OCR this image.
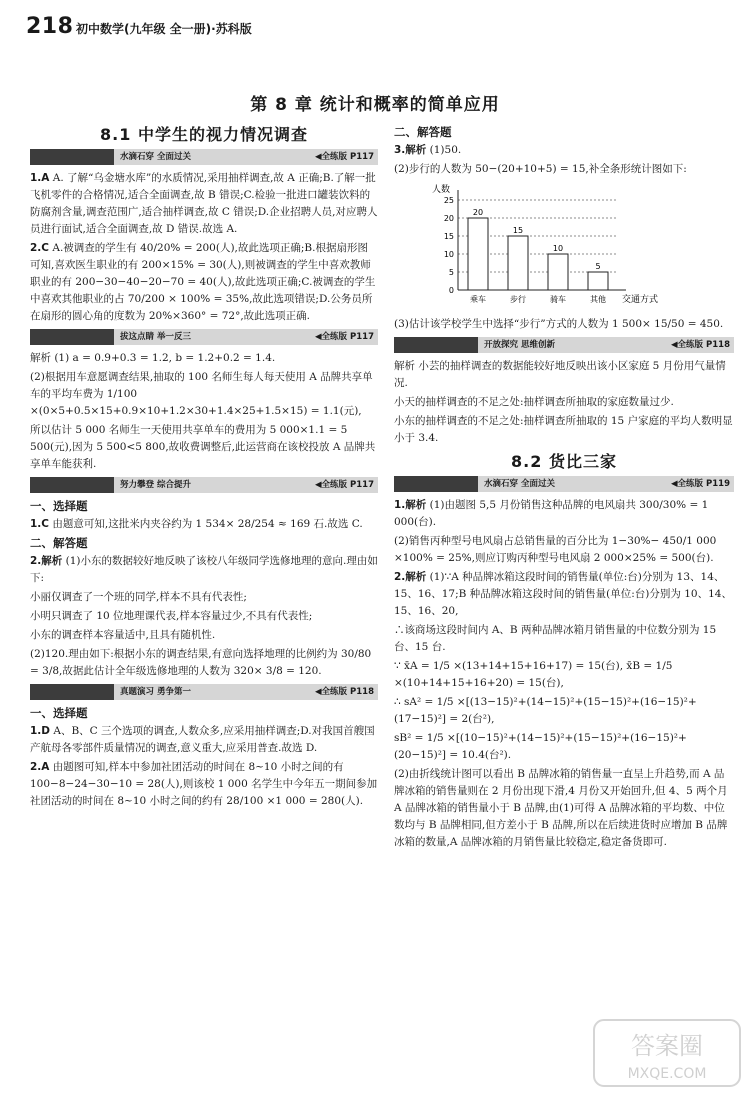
218 初中数学(九年级 全一册)·苏科版
第 8 章 统计和概率的简单应用
8.1 中学生的视力情况调查
水滴石穿 全面过关	◀全练版 P117
1.A A. 了解“乌金塘水库”的水质情况,采用抽样调查,故 A 正确;B.了解一批飞机零件的合格情况,适合全面调查,故 B 错误;C.检验一批进口罐装饮料的防腐剂含量,调查范围广,适合抽样调查,故 C 错误;D.企业招聘人员,对应聘人员进行面试,适合全面调查,故 D 错误.故选 A.
2.C A.被调查的学生有 40/20% = 200(人),故此选项正确;B.根据扇形图可知,喜欢医生职业的有 200×15% = 30(人),则被调查的学生中喜欢教师职业的有 200−30−40−20−70 = 40(人),故此选项正确;C.被调查的学生中喜欢其他职业的占 70/200 × 100% = 35%,故此选项错误;D.公务员所在扇形的圆心角的度数为 20%×360° = 72°,故此选项正确.
拔这点睛 举一反三	◀全练版 P117
解析 (1) a = 0.9+0.3 = 1.2, b = 1.2+0.2 = 1.4.
(2)根据用车意愿调查结果,抽取的 100 名师生每人每天使用 A 品牌共享单车的平均车费为 1/100 ×(0×5+0.5×15+0.9×10+1.2×30+1.4×25+1.5×15) = 1.1(元),
所以估计 5 000 名师生一天使用共享单车的费用为 5 000×1.1 = 5 500(元),因为 5 500<5 800,故收费调整后,此运营商在该校投放 A 品牌共享单车能获利.
努力攀登 综合提升	◀全练版 P117
一、选择题
1.C 由题意可知,这批米内夹谷约为 1 534× 28/254 ≈ 169 石.故选 C.
二、解答题
2.解析 (1)小东的数据较好地反映了该校八年级同学选修地理的意向.理由如下:
小丽仅调查了一个班的同学,样本不具有代表性;
小明只调查了 10 位地理课代表,样本容量过少,不具有代表性;
小东的调查样本容量适中,且具有随机性.
(2)120.理由如下:根据小东的调查结果,有意向选择地理的比例约为 30/80 = 3/8,故据此估计全年级选修地理的人数为 320× 3/8 = 120.
真题演习 勇争第一	◀全练版 P118
一、选择题
1.D A、B、C 三个选项的调查,人数众多,应采用抽样调查;D.对我国首艘国产航母各零部件质量情况的调查,意义重大,应采用普查.故选 D.
2.A 由题图可知,样本中参加社团活动的时间在 8~10 小时之间的有 100−8−24−30−10 = 28(人),则该校 1 000 名学生中今年五一期间参加社团活动的时间在 8~10 小时之间的约有 28/100 ×1 000 = 280(人).
二、解答题
3.解析 (1)50.
(2)步行的人数为 50−(20+10+5) = 15,补全条形统计图如下:
人数
交通方式
0
5
10
15
20
25
20
乘车
15
步行
10
骑车
5
其他
(3)估计该学校学生中选择“步行”方式的人数为 1 500× 15/50 = 450.
开放探究 思维创新	◀全练版 P118
解析 小芸的抽样调查的数据能较好地反映出该小区家庭 5 月份用气量情况.
小天的抽样调查的不足之处:抽样调查所抽取的家庭数量过少.
小东的抽样调查的不足之处:抽样调查所抽取的 15 户家庭的平均人数明显小于 3.4.
8.2 货比三家
水滴石穿 全面过关	◀全练版 P119
1.解析 (1)由题图 5,5 月份销售这种品牌的电风扇共 300/30% = 1 000(台).
(2)销售丙种型号电风扇占总销售量的百分比为 1−30%− 450/1 000 ×100% = 25%,则应订购丙种型号电风扇 2 000×25% = 500(台).
2.解析 (1)∵A 种品牌冰箱这段时间的销售量(单位:台)分别为 13、14、15、16、17;B 种品牌冰箱这段时间的销售量(单位:台)分别为 10、14、15、16、20,
∴该商场这段时间内 A、B 两种品牌冰箱月销售量的中位数分别为 15 台、15 台.
∵ x̄A = 1/5 ×(13+14+15+16+17) = 15(台), x̄B = 1/5 ×(10+14+15+16+20) = 15(台),
∴ sA² = 1/5 ×[(13−15)²+(14−15)²+(15−15)²+(16−15)²+(17−15)²] = 2(台²),
sB² = 1/5 ×[(10−15)²+(14−15)²+(15−15)²+(16−15)²+(20−15)²] = 10.4(台²).
(2)由折线统计图可以看出 B 品牌冰箱的销售量一直呈上升趋势,而 A 品牌冰箱的销售量则在 2 月份出现下滑,4 月份又开始回升,但 4、5 两个月 A 品牌冰箱的销售量小于 B 品牌,由(1)可得 A 品牌冰箱的平均数、中位数均与 B 品牌相同,但方差小于 B 品牌,所以在后续进货时应增加 B 品牌冰箱的数量,A 品牌冰箱的月销售量比较稳定,稳定备货即可.
答案圈
MXQE.COM
